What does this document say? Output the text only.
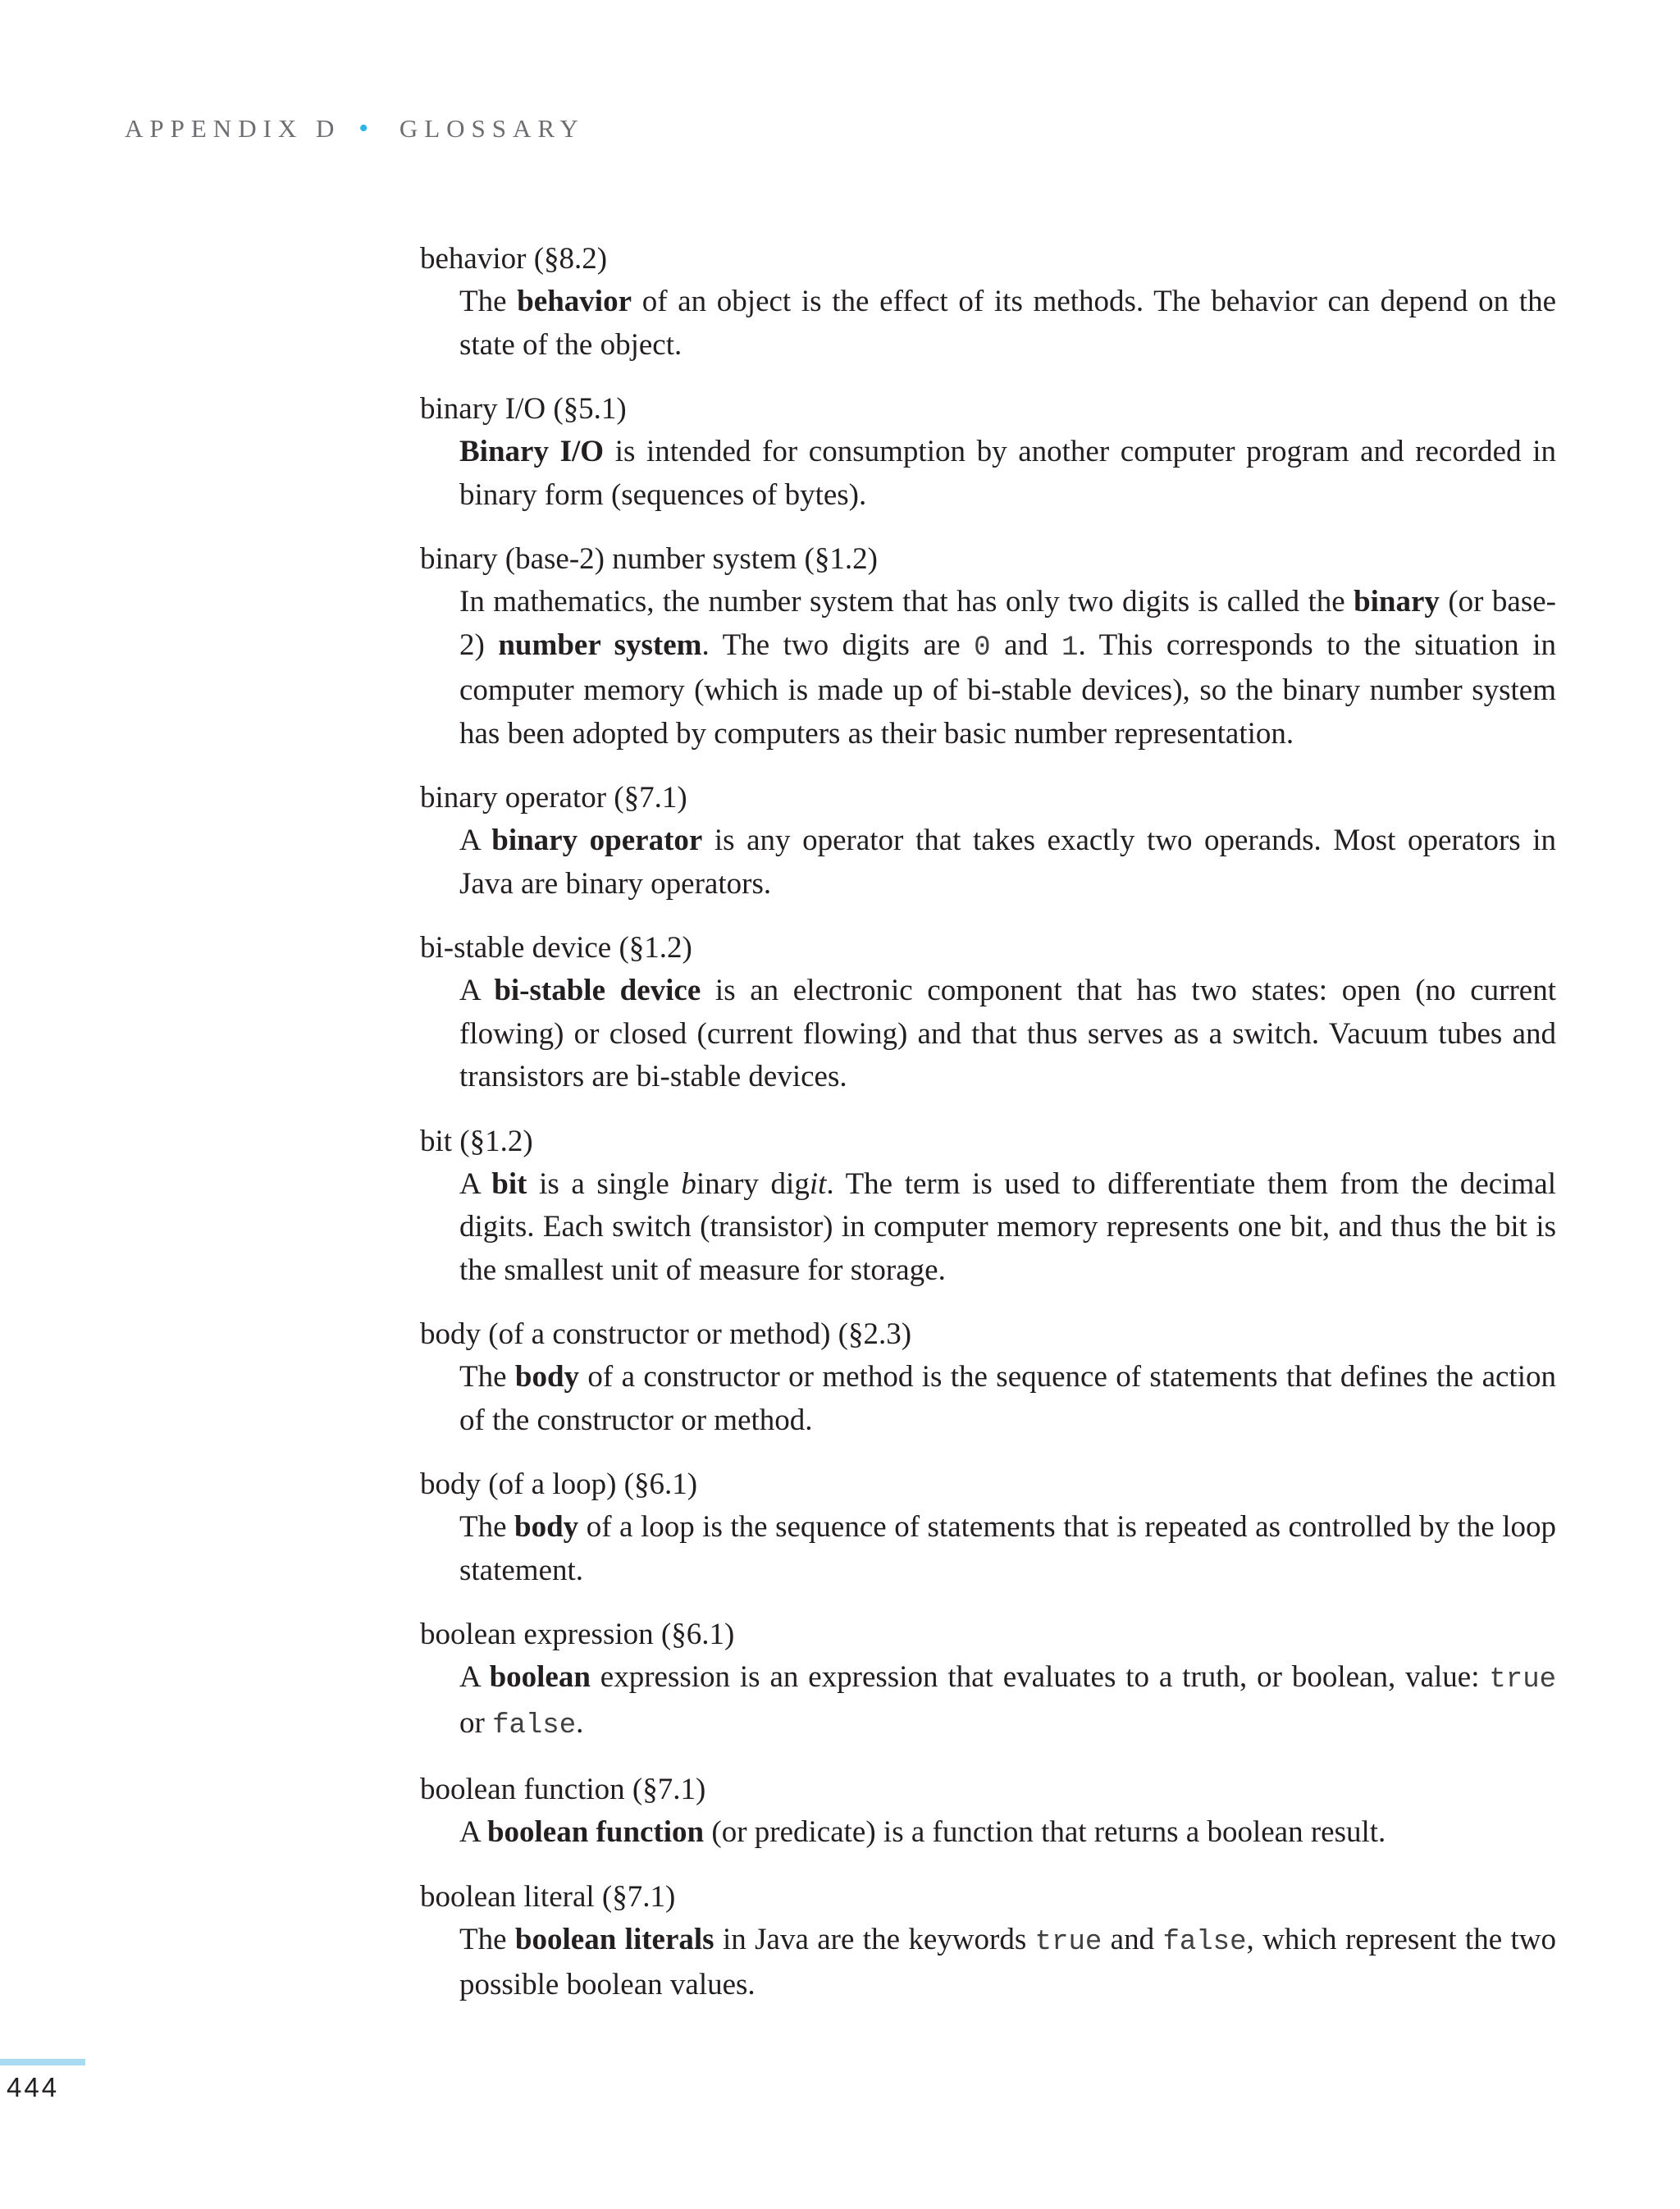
APPENDIX D • GLOSSARY
behavior (§8.2)
The behavior of an object is the effect of its methods. The behavior can depend on the state of the object.
binary I/O (§5.1)
Binary I/O is intended for consumption by another computer program and recorded in binary form (sequences of bytes).
binary (base-2) number system (§1.2)
In mathematics, the number system that has only two digits is called the binary (or base-2) number system. The two digits are 0 and 1. This corresponds to the situation in computer memory (which is made up of bi-stable devices), so the binary number system has been adopted by computers as their basic number representation.
binary operator (§7.1)
A binary operator is any operator that takes exactly two operands. Most operators in Java are binary operators.
bi-stable device (§1.2)
A bi-stable device is an electronic component that has two states: open (no current flowing) or closed (current flowing) and that thus serves as a switch. Vacuum tubes and transistors are bi-stable devices.
bit (§1.2)
A bit is a single binary digit. The term is used to differentiate them from the decimal digits. Each switch (transistor) in computer memory represents one bit, and thus the bit is the smallest unit of measure for storage.
body (of a constructor or method) (§2.3)
The body of a constructor or method is the sequence of statements that defines the action of the constructor or method.
body (of a loop) (§6.1)
The body of a loop is the sequence of statements that is repeated as controlled by the loop statement.
boolean expression (§6.1)
A boolean expression is an expression that evaluates to a truth, or boolean, value: true or false.
boolean function (§7.1)
A boolean function (or predicate) is a function that returns a boolean result.
boolean literal (§7.1)
The boolean literals in Java are the keywords true and false, which represent the two possible boolean values.
444
